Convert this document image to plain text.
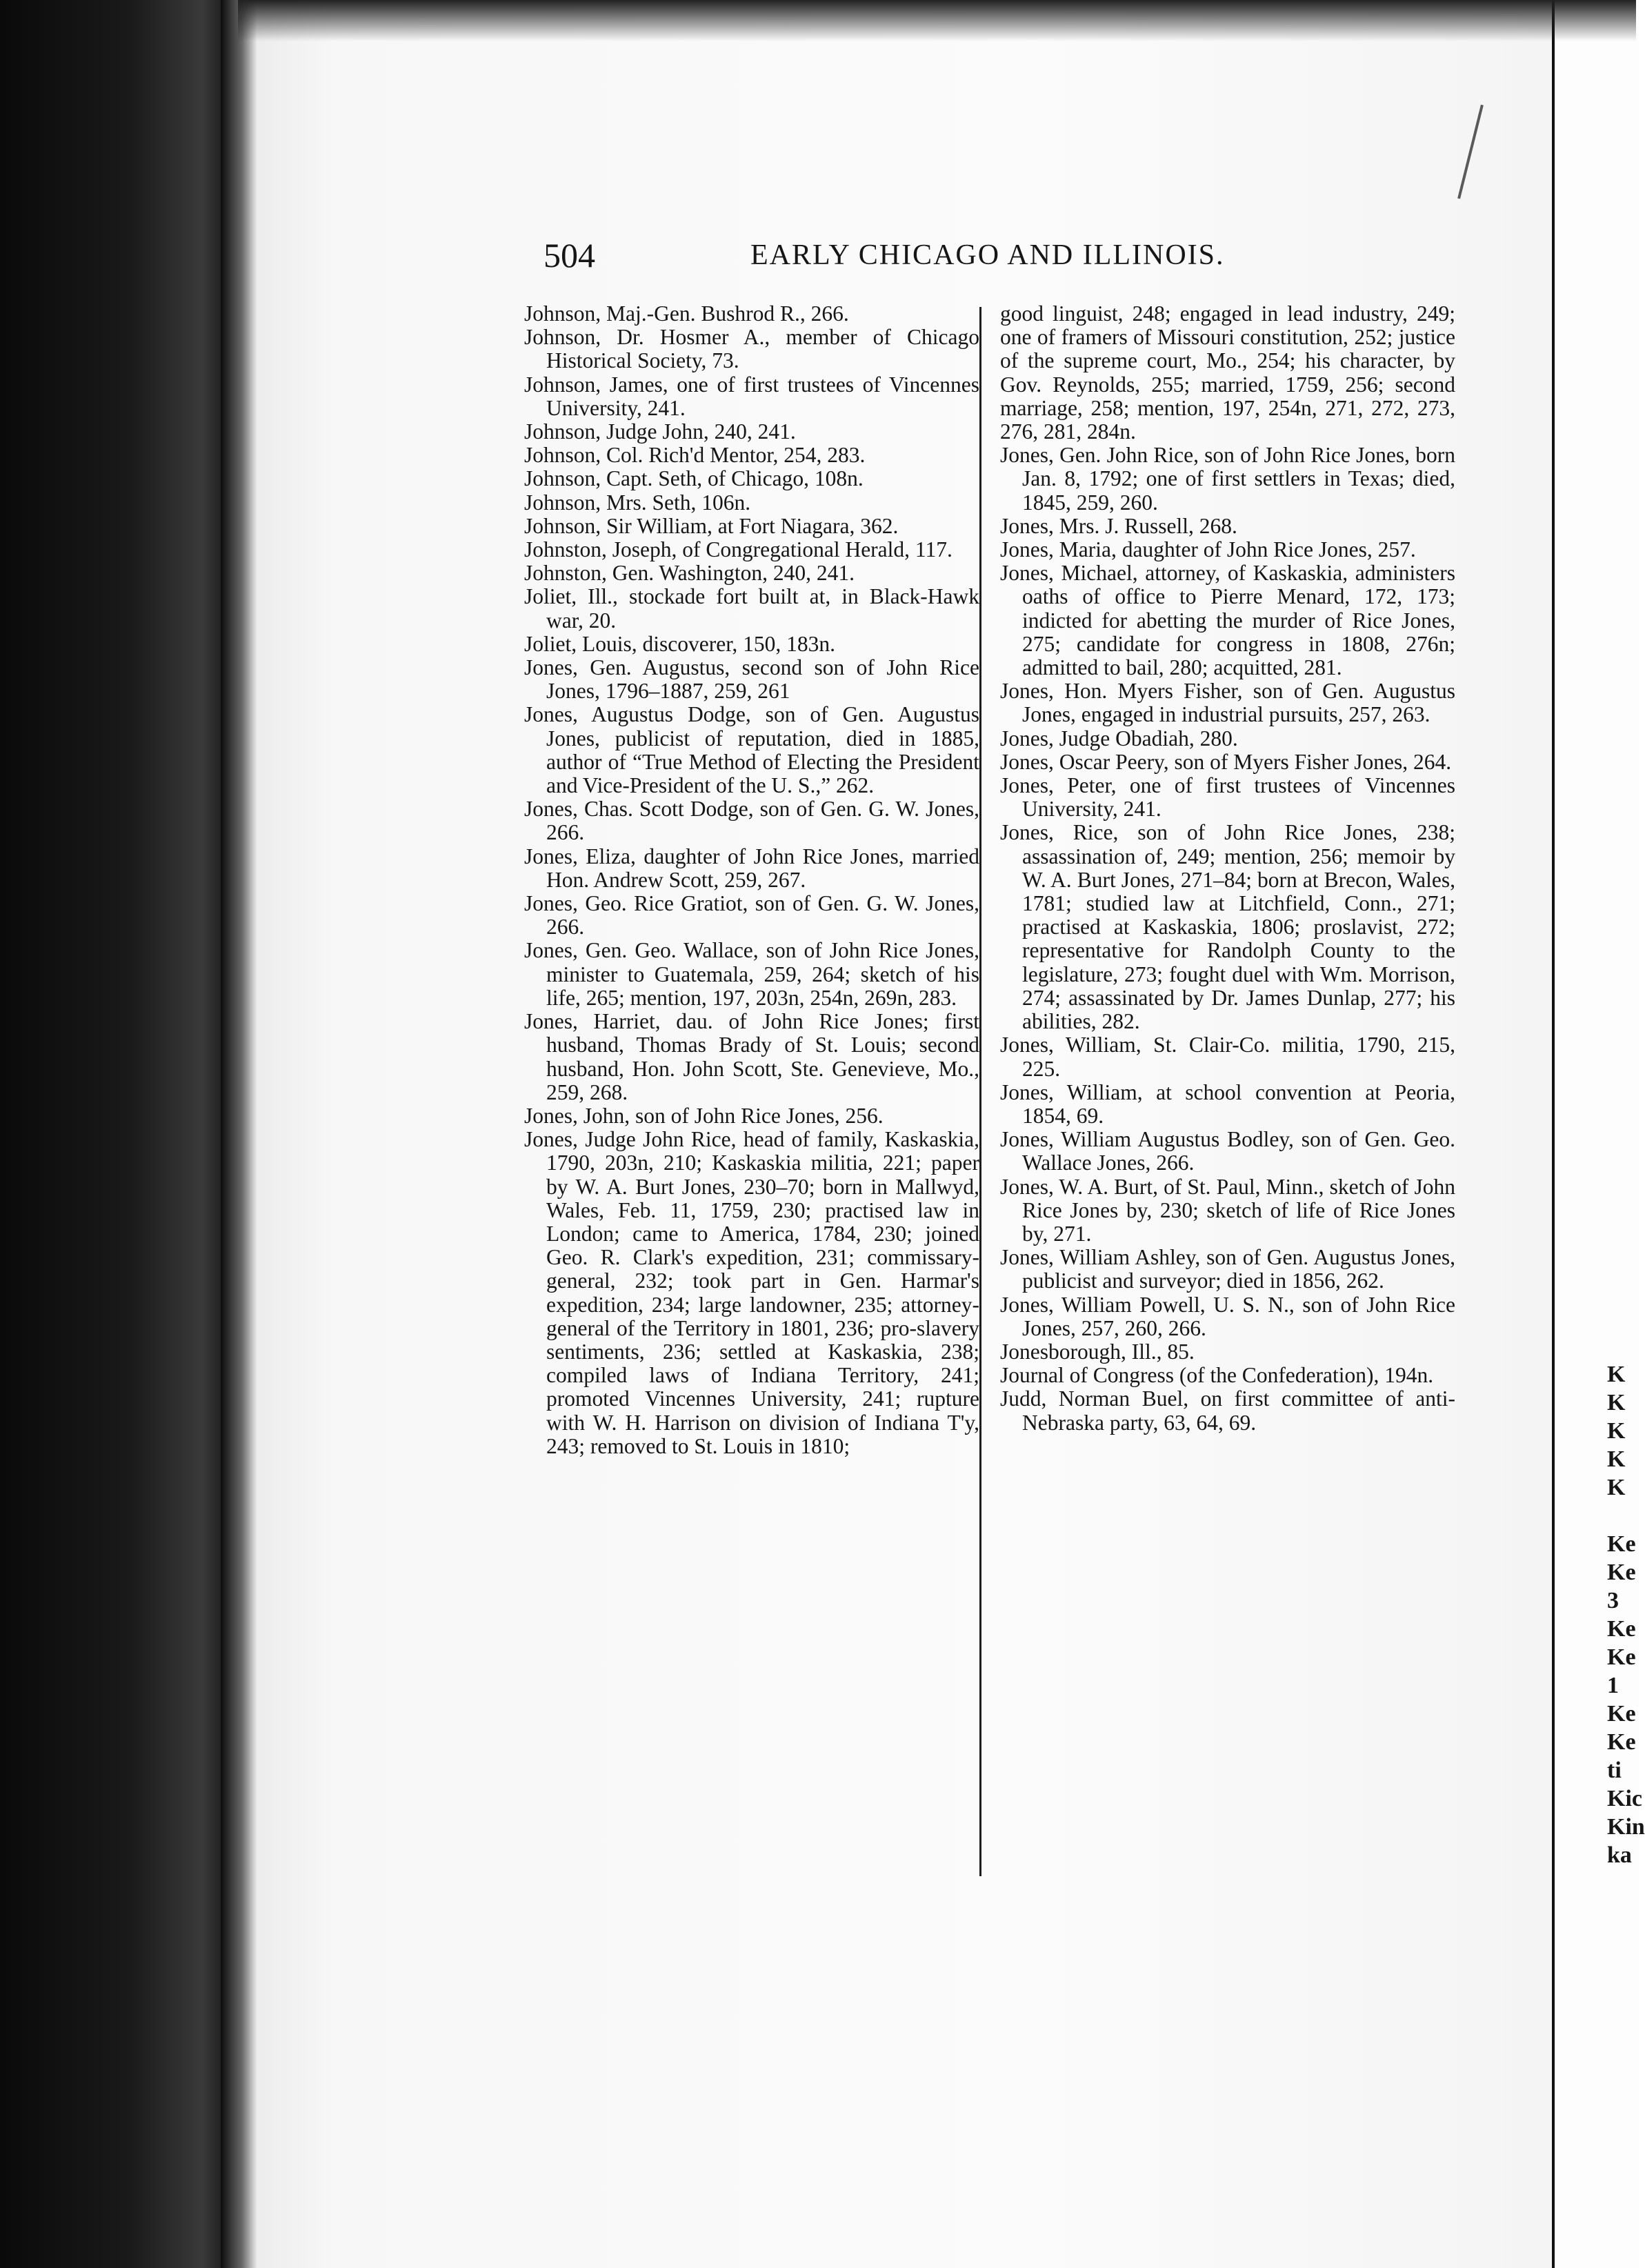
504	EARLY CHICAGO AND ILLINOIS.

Johnson, Maj.-Gen. Bushrod R., 266.

Johnson, Dr. Hosmer A., member of Chicago Historical Society, 73.

Johnson, James, one of first trustees of Vincennes University, 241.

Johnson, Judge John, 240, 241.

Johnson, Col. Rich'd Mentor, 254, 283.

Johnson, Capt. Seth, of Chicago, 108n.

Johnson, Mrs. Seth, 106n.

Johnson, Sir William, at Fort Niagara, 362.

Johnston, Joseph, of Congregational Herald, 117.

Johnston, Gen. Washington, 240, 241.

Joliet, Ill., stockade fort built at, in Black-Hawk war, 20.

Joliet, Louis, discoverer, 150, 183n.

Jones, Gen. Augustus, second son of John Rice Jones, 1796–1887, 259, 261

Jones, Augustus Dodge, son of Gen. Augustus Jones, publicist of reputation, died in 1885, author of “True Method of Electing the President and Vice-President of the U. S.,” 262.

Jones, Chas. Scott Dodge, son of Gen. G. W. Jones, 266.

Jones, Eliza, daughter of John Rice Jones, married Hon. Andrew Scott, 259, 267.

Jones, Geo. Rice Gratiot, son of Gen. G. W. Jones, 266.

Jones, Gen. Geo. Wallace, son of John Rice Jones, minister to Guatemala, 259, 264; sketch of his life, 265; mention, 197, 203n, 254n, 269n, 283.

Jones, Harriet, dau. of John Rice Jones; first husband, Thomas Brady of St. Louis; second husband, Hon. John Scott, Ste. Genevieve, Mo., 259, 268.

Jones, John, son of John Rice Jones, 256.

Jones, Judge John Rice, head of family, Kaskaskia, 1790, 203n, 210; Kaskaskia militia, 221; paper by W. A. Burt Jones, 230–70; born in Mallwyd, Wales, Feb. 11, 1759, 230; practised law in London; came to America, 1784, 230; joined Geo. R. Clark's expedition, 231; commissary-general, 232; took part in Gen. Harmar's expedition, 234; large landowner, 235; attorney-general of the Territory in 1801, 236; pro-slavery sentiments, 236; settled at Kaskaskia, 238; compiled laws of Indiana Territory, 241; promoted Vincennes University, 241; rupture with W. H. Harrison on division of Indiana T'y, 243; removed to St. Louis in 1810;

good linguist, 248; engaged in lead industry, 249; one of framers of Missouri constitution, 252; justice of the supreme court, Mo., 254; his character, by Gov. Reynolds, 255; married, 1759, 256; second marriage, 258; mention, 197, 254n, 271, 272, 273, 276, 281, 284n.

Jones, Gen. John Rice, son of John Rice Jones, born Jan. 8, 1792; one of first settlers in Texas; died, 1845, 259, 260.

Jones, Mrs. J. Russell, 268.

Jones, Maria, daughter of John Rice Jones, 257.

Jones, Michael, attorney, of Kaskaskia, administers oaths of office to Pierre Menard, 172, 173; indicted for abetting the murder of Rice Jones, 275; candidate for congress in 1808, 276n; admitted to bail, 280; acquitted, 281.

Jones, Hon. Myers Fisher, son of Gen. Augustus Jones, engaged in industrial pursuits, 257, 263.

Jones, Judge Obadiah, 280.

Jones, Oscar Peery, son of Myers Fisher Jones, 264.

Jones, Peter, one of first trustees of Vincennes University, 241.

Jones, Rice, son of John Rice Jones, 238; assassination of, 249; mention, 256; memoir by W. A. Burt Jones, 271–84; born at Brecon, Wales, 1781; studied law at Litchfield, Conn., 271; practised at Kaskaskia, 1806; proslavist, 272; representative for Randolph County to the legislature, 273; fought duel with Wm. Morrison, 274; assassinated by Dr. James Dunlap, 277; his abilities, 282.

Jones, William, St. Clair-Co. militia, 1790, 215, 225.

Jones, William, at school convention at Peoria, 1854, 69.

Jones, William Augustus Bodley, son of Gen. Geo. Wallace Jones, 266.

Jones, W. A. Burt, of St. Paul, Minn., sketch of John Rice Jones by, 230; sketch of life of Rice Jones by, 271.

Jones, William Ashley, son of Gen. Augustus Jones, publicist and surveyor; died in 1856, 262.

Jones, William Powell, U. S. N., son of John Rice Jones, 257, 260, 266.

Jonesborough, Ill., 85.

Journal of Congress (of the Confederation), 194n.

Judd, Norman Buel, on first committee of anti-Nebraska party, 63, 64, 69.

K
K
K
K
K

Ke
Ke
3
Ke
Ke
1
Ke
Ke
ti
Kic
Kin
ka
